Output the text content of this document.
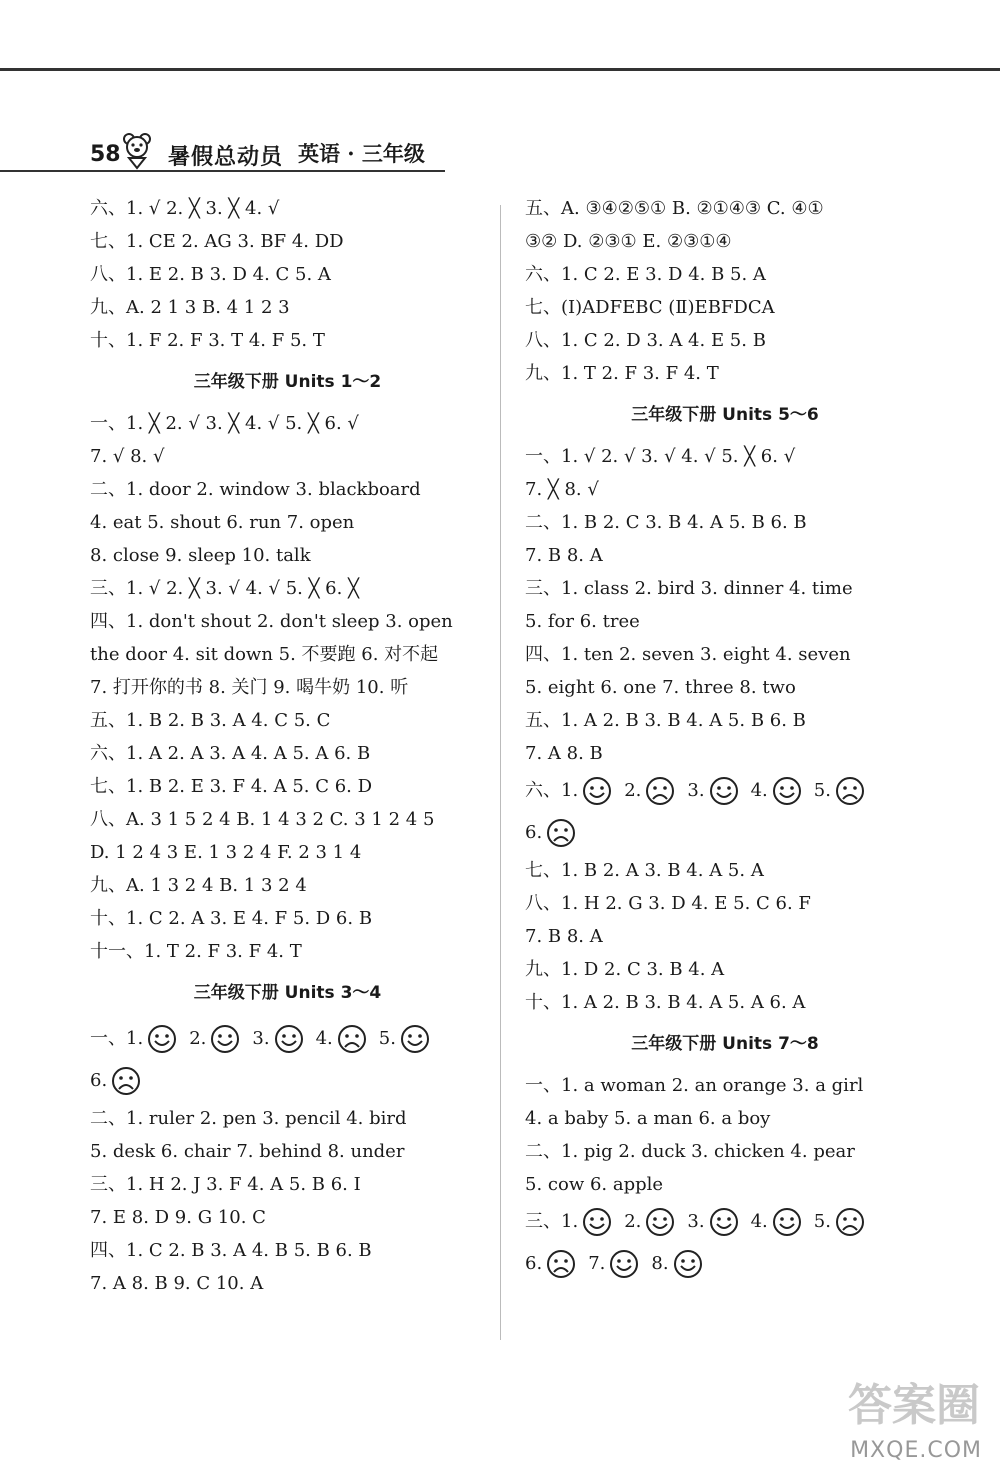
58 暑假总动员 英语 · 三年级
六、1. √ 2. ╳ 3. ╳ 4. √
七、1. CE 2. AG 3. BF 4. DD
八、1. E 2. B 3. D 4. C 5. A
九、A. 2 1 3 B. 4 1 2 3
十、1. F 2. F 3. T 4. F 5. T
三年级下册 Units 1～2
一、1. ╳ 2. √ 3. ╳ 4. √ 5. ╳ 6. √
7. √ 8. √
二、1. door 2. window 3. blackboard
4. eat 5. shout 6. run 7. open
8. close 9. sleep 10. talk
三、1. √ 2. ╳ 3. √ 4. √ 5. ╳ 6. ╳
四、1. don't shout 2. don't sleep 3. open
the door 4. sit down 5. 不要跑 6. 对不起
7. 打开你的书 8. 关门 9. 喝牛奶 10. 听
五、1. B 2. B 3. A 4. C 5. C
六、1. A 2. A 3. A 4. A 5. A 6. B
七、1. B 2. E 3. F 4. A 5. C 6. D
八、A. 3 1 5 2 4 B. 1 4 3 2 C. 3 1 2 4 5
D. 1 2 4 3 E. 1 3 2 4 F. 2 3 1 4
九、A. 1 3 2 4 B. 1 3 2 4
十、1. C 2. A 3. E 4. F 5. D 6. B
十一、1. T 2. F 3. F 4. T
三年级下册 Units 3～4
一、1.	2.	3.	4.	5.
6.
二、1. ruler 2. pen 3. pencil 4. bird
5. desk 6. chair 7. behind 8. under
三、1. H 2. J 3. F 4. A 5. B 6. I
7. E 8. D 9. G 10. C
四、1. C 2. B 3. A 4. B 5. B 6. B
7. A 8. B 9. C 10. A
五、A. ③④②⑤① B. ②①④③ C. ④①
③② D. ②③① E. ②③①④
六、1. C 2. E 3. D 4. B 5. A
七、(Ⅰ)ADFEBC (Ⅱ)EBFDCA
八、1. C 2. D 3. A 4. E 5. B
九、1. T 2. F 3. F 4. T
三年级下册 Units 5～6
一、1. √ 2. √ 3. √ 4. √ 5. ╳ 6. √
7. ╳ 8. √
二、1. B 2. C 3. B 4. A 5. B 6. B
7. B 8. A
三、1. class 2. bird 3. dinner 4. time
5. for 6. tree
四、1. ten 2. seven 3. eight 4. seven
5. eight 6. one 7. three 8. two
五、1. A 2. B 3. B 4. A 5. B 6. B
7. A 8. B
六、1.	2.	3.	4.	5.
6.
七、1. B 2. A 3. B 4. A 5. A
八、1. H 2. G 3. D 4. E 5. C 6. F
7. B 8. A
九、1. D 2. C 3. B 4. A
十、1. A 2. B 3. B 4. A 5. A 6. A
三年级下册 Units 7～8
一、1. a woman 2. an orange 3. a girl
4. a baby 5. a man 6. a boy
二、1. pig 2. duck 3. chicken 4. pear
5. cow 6. apple
三、1.	2.	3.	4.	5.
6.	7.	8.
答案圈
MXQE.COM
